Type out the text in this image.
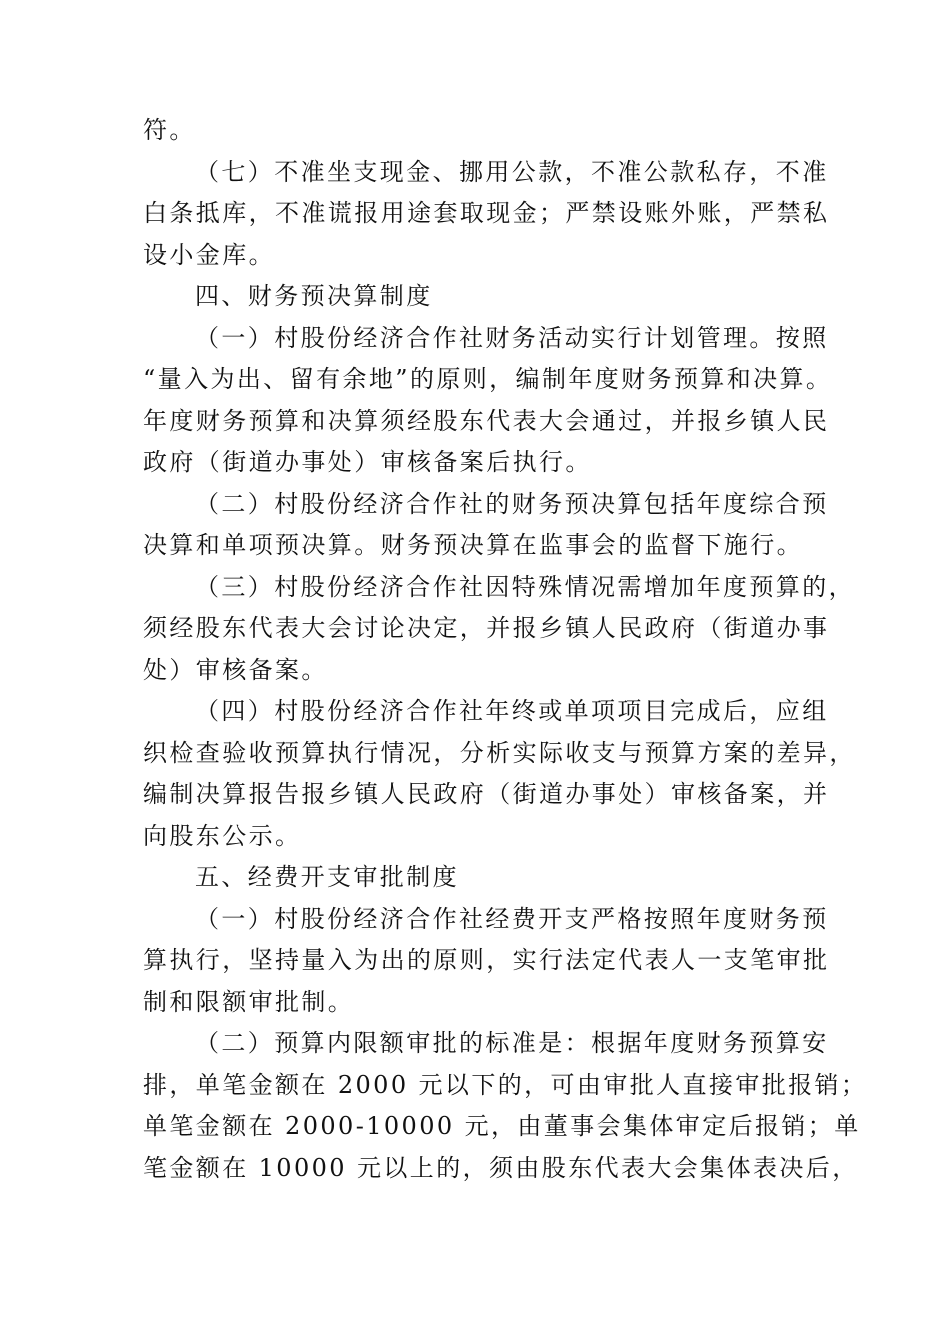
符。
（七）不准坐支现金、挪用公款，不准公款私存，不准
白条抵库，不准谎报用途套取现金；严禁设账外账，严禁私
设小金库。
四、财务预决算制度
（一）村股份经济合作社财务活动实行计划管理。按照
“量入为出、留有余地”的原则，编制年度财务预算和决算。
年度财务预算和决算须经股东代表大会通过，并报乡镇人民
政府（街道办事处）审核备案后执行。
（二）村股份经济合作社的财务预决算包括年度综合预
决算和单项预决算。财务预决算在监事会的监督下施行。
（三）村股份经济合作社因特殊情况需增加年度预算的，
须经股东代表大会讨论决定，并报乡镇人民政府（街道办事
处）审核备案。
（四）村股份经济合作社年终或单项项目完成后，应组
织检查验收预算执行情况，分析实际收支与预算方案的差异，
编制决算报告报乡镇人民政府（街道办事处）审核备案，并
向股东公示。
五、经费开支审批制度
（一）村股份经济合作社经费开支严格按照年度财务预
算执行，坚持量入为出的原则，实行法定代表人一支笔审批
制和限额审批制。
（二）预算内限额审批的标准是：根据年度财务预算安
排，单笔金额在 2000 元以下的，可由审批人直接审批报销；
单笔金额在 2000-10000 元，由董事会集体审定后报销；单
笔金额在 10000 元以上的，须由股东代表大会集体表决后，
